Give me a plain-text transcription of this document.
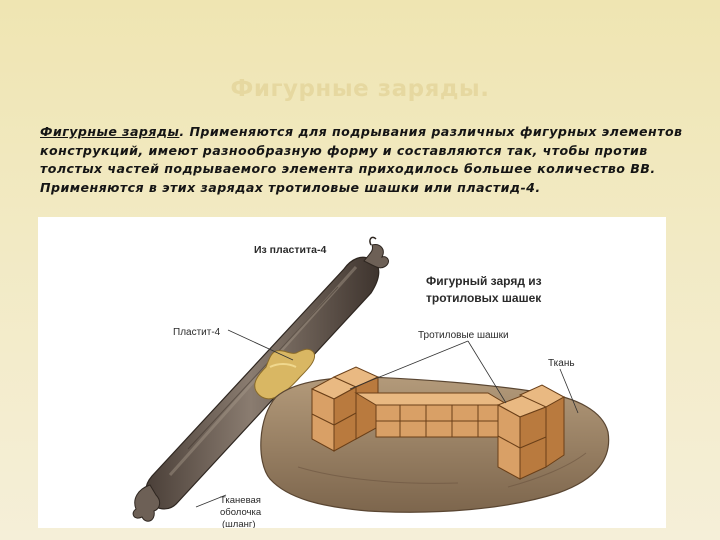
Фигурные заряды.
Фигурные заряды. Применяются для подрывания различных фигурных элементов конструкций, имеют разнообразную форму и составляются так, чтобы против толстых частей подрываемого элемента приходилось большее количество ВВ. Применяются в этих зарядах тротиловые шашки или пластид-4.
Из пластита-4
Пластит-4
Тканевая
оболочка
(шланг)
Фигурный заряд из
тротиловых шашек
Тротиловые шашки
Ткань
